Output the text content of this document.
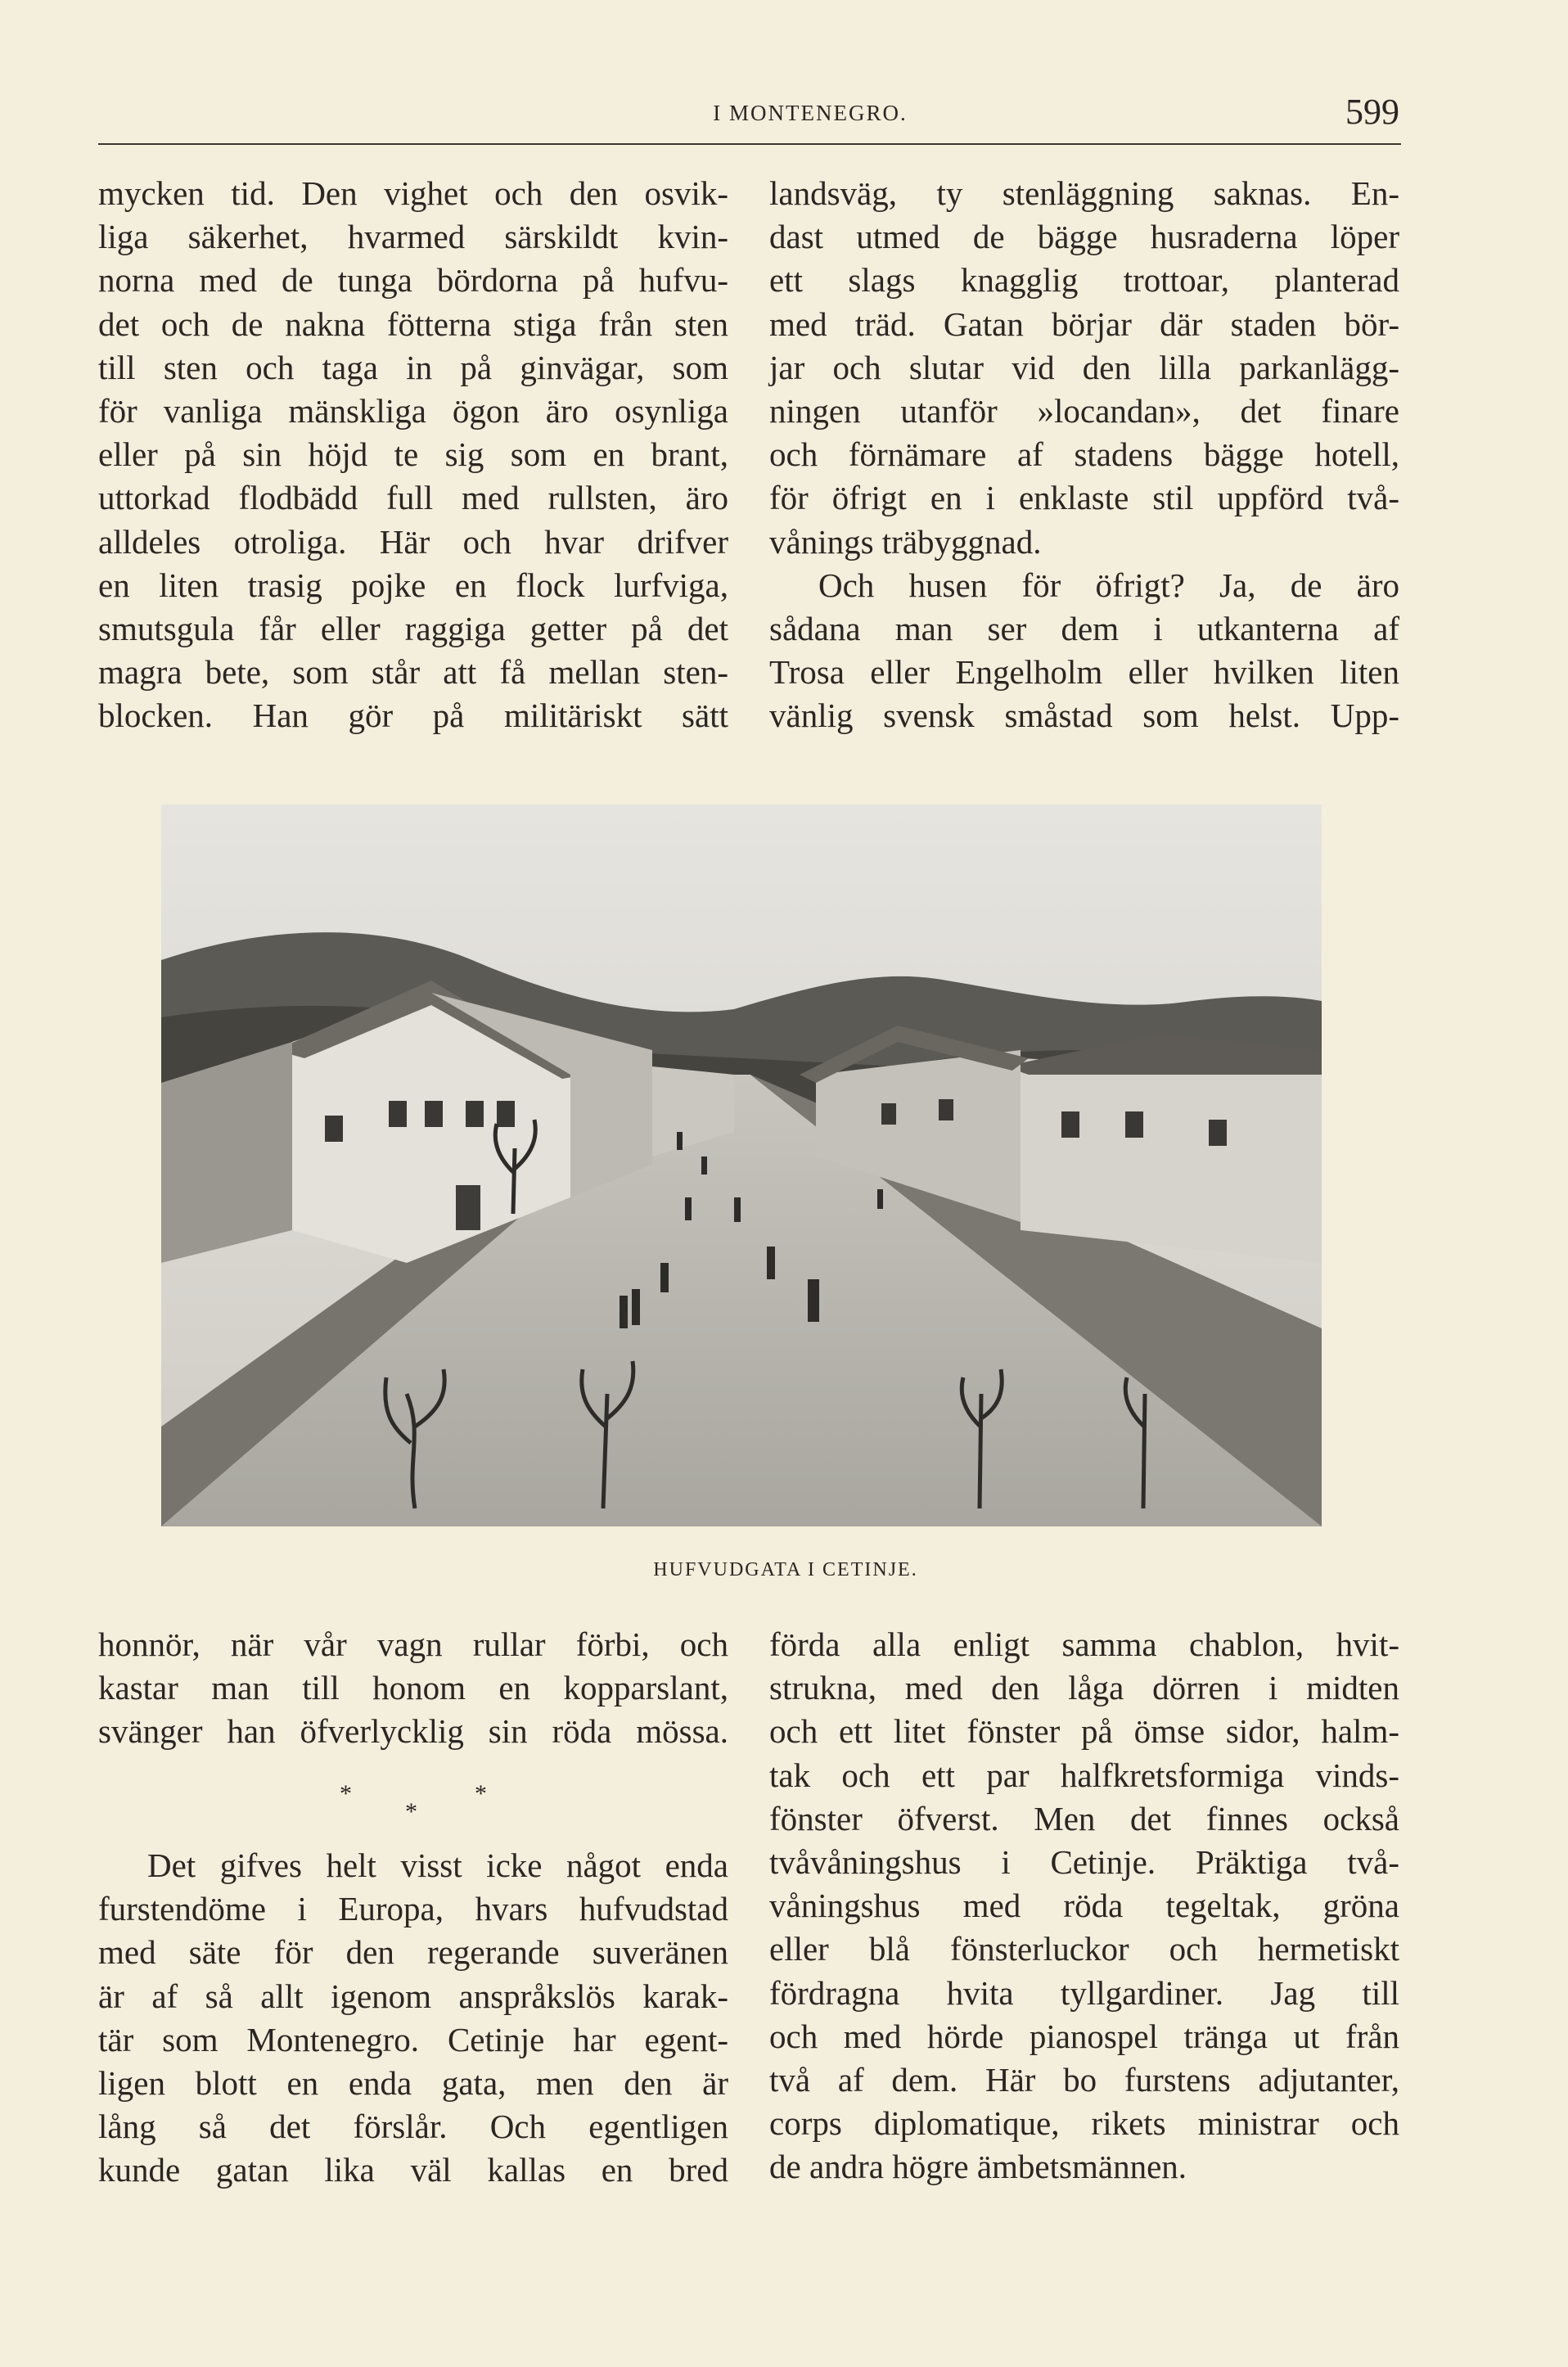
I MONTENEGRO.	599
mycken tid. Den vighet och den osvik-
liga säkerhet, hvarmed särskildt kvin-
norna med de tunga bördorna på hufvu-
det och de nakna fötterna stiga från sten
till sten och taga in på ginvägar, som
för vanliga mänskliga ögon äro osynliga
eller på sin höjd te sig som en brant,
uttorkad flodbädd full med rullsten, äro
alldeles otroliga. Här och hvar drifver
en liten trasig pojke en flock lurfviga,
smutsgula får eller raggiga getter på det
magra bete, som står att få mellan sten-
blocken. Han gör på militäriskt sätt
landsväg, ty stenläggning saknas. En-
dast utmed de bägge husraderna löper
ett slags knagglig trottoar, planterad
med träd. Gatan börjar där staden bör-
jar och slutar vid den lilla parkanlägg-
ningen utanför »locandan», det finare
och förnämare af stadens bägge hotell,
för öfrigt en i enklaste stil uppförd två-
vånings träbyggnad.
Och husen för öfrigt? Ja, de äro
sådana man ser dem i utkanterna af
Trosa eller Engelholm eller hvilken liten
vänlig svensk småstad som helst. Upp-
HUFVUDGATA I CETINJE.
honnör, när vår vagn rullar förbi, och
kastar man till honom en kopparslant,
svänger han öfverlycklig sin röda mössa.
*
*
*
Det gifves helt visst icke något enda
furstendöme i Europa, hvars hufvudstad
med säte för den regerande suveränen
är af så allt igenom anspråkslös karak-
tär som Montenegro. Cetinje har egent-
ligen blott en enda gata, men den är
lång så det förslår. Och egentligen
kunde gatan lika väl kallas en bred
förda alla enligt samma chablon, hvit-
strukna, med den låga dörren i midten
och ett litet fönster på ömse sidor, halm-
tak och ett par halfkretsformiga vinds-
fönster öfverst. Men det finnes också
tvåvåningshus i Cetinje. Präktiga två-
våningshus med röda tegeltak, gröna
eller blå fönsterluckor och hermetiskt
fördragna hvita tyllgardiner. Jag till
och med hörde pianospel tränga ut från
två af dem. Här bo furstens adjutanter,
corps diplomatique, rikets ministrar och
de andra högre ämbetsmännen.
